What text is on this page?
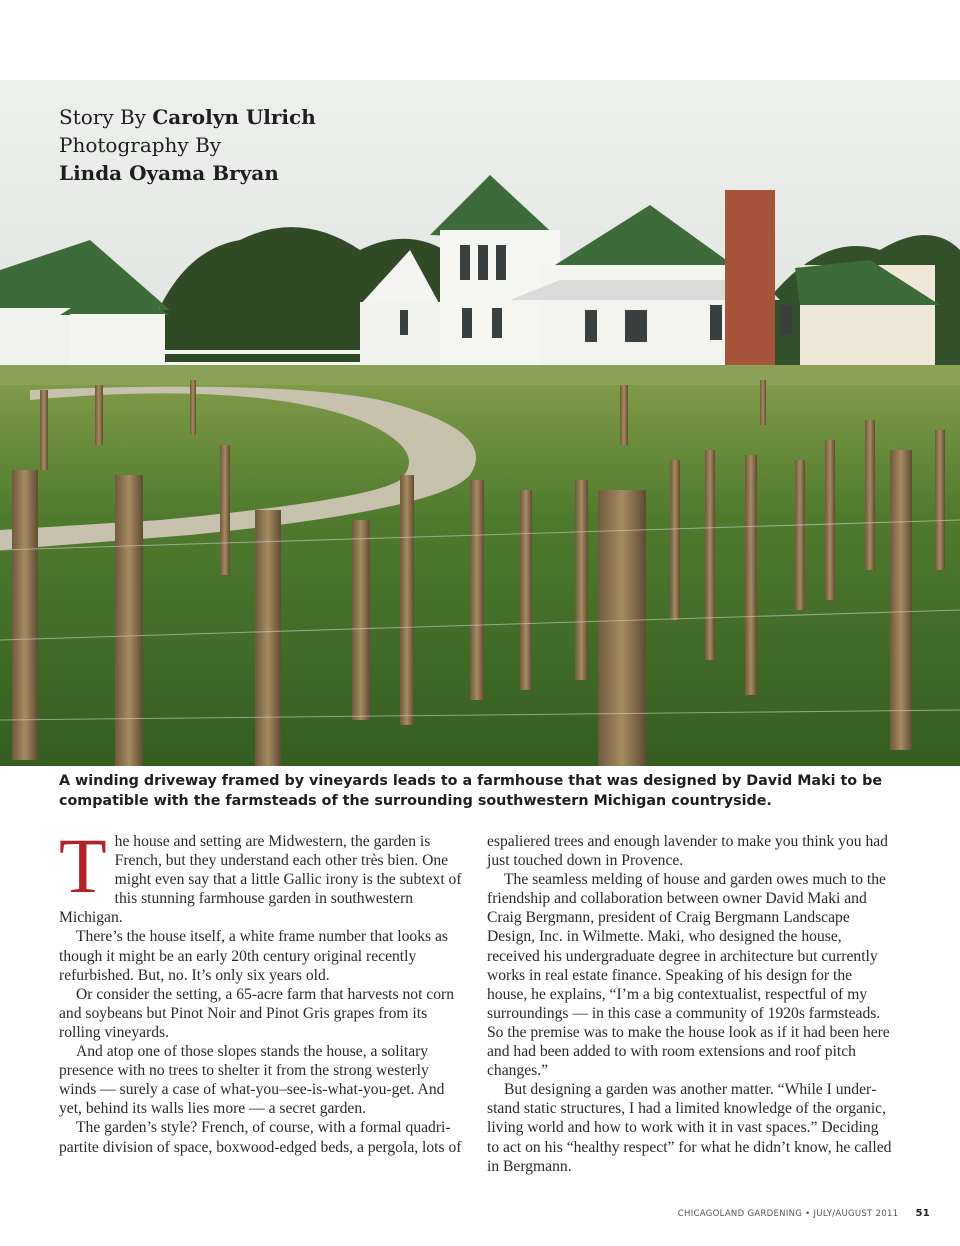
Story By Carolyn Ulrich
Photography By
Linda Oyama Bryan
A winding driveway framed by vineyards leads to a farmhouse that was designed by David Maki to be compatible with the farmsteads of the surrounding southwestern Michigan countryside.

The house and setting are Midwestern, the garden is French, but they understand each other très bien. One might even say that a little Gallic irony is the subtext of this stunning farmhouse garden in southwestern Michigan.

There’s the house itself, a white frame number that looks as though it might be an early 20th century original recently refurbished. But, no. It’s only six years old.

Or consider the setting, a 65-acre farm that harvests not corn and soybeans but Pinot Noir and Pinot Gris grapes from its rolling vineyards.

And atop one of those slopes stands the house, a solitary presence with no trees to shelter it from the strong westerly winds — surely a case of what-you–see-is-what-you-get. And yet, behind its walls lies more — a secret garden.

The garden’s style? French, of course, with a formal quadripartite division of space, boxwood-edged beds, a pergola, lots of

espaliered trees and enough lavender to make you think you had just touched down in Provence.

The seamless melding of house and garden owes much to the friendship and collaboration between owner David Maki and Craig Bergmann, president of Craig Bergmann Landscape Design, Inc. in Wilmette. Maki, who designed the house, received his undergraduate degree in architecture but currently works in real estate finance. Speaking of his design for the house, he explains, “I’m a big contextualist, respectful of my surroundings — in this case a community of 1920s farmsteads. So the premise was to make the house look as if it had been here and had been added to with room extensions and roof pitch changes.”

But designing a garden was another matter. “While I understand static structures, I had a limited knowledge of the organic, living world and how to work with it in vast spaces.” Deciding to act on his “healthy respect” for what he didn’t know, he called in Bergmann.

CHICAGOLAND GARDENING • JULY/AUGUST 2011 51
